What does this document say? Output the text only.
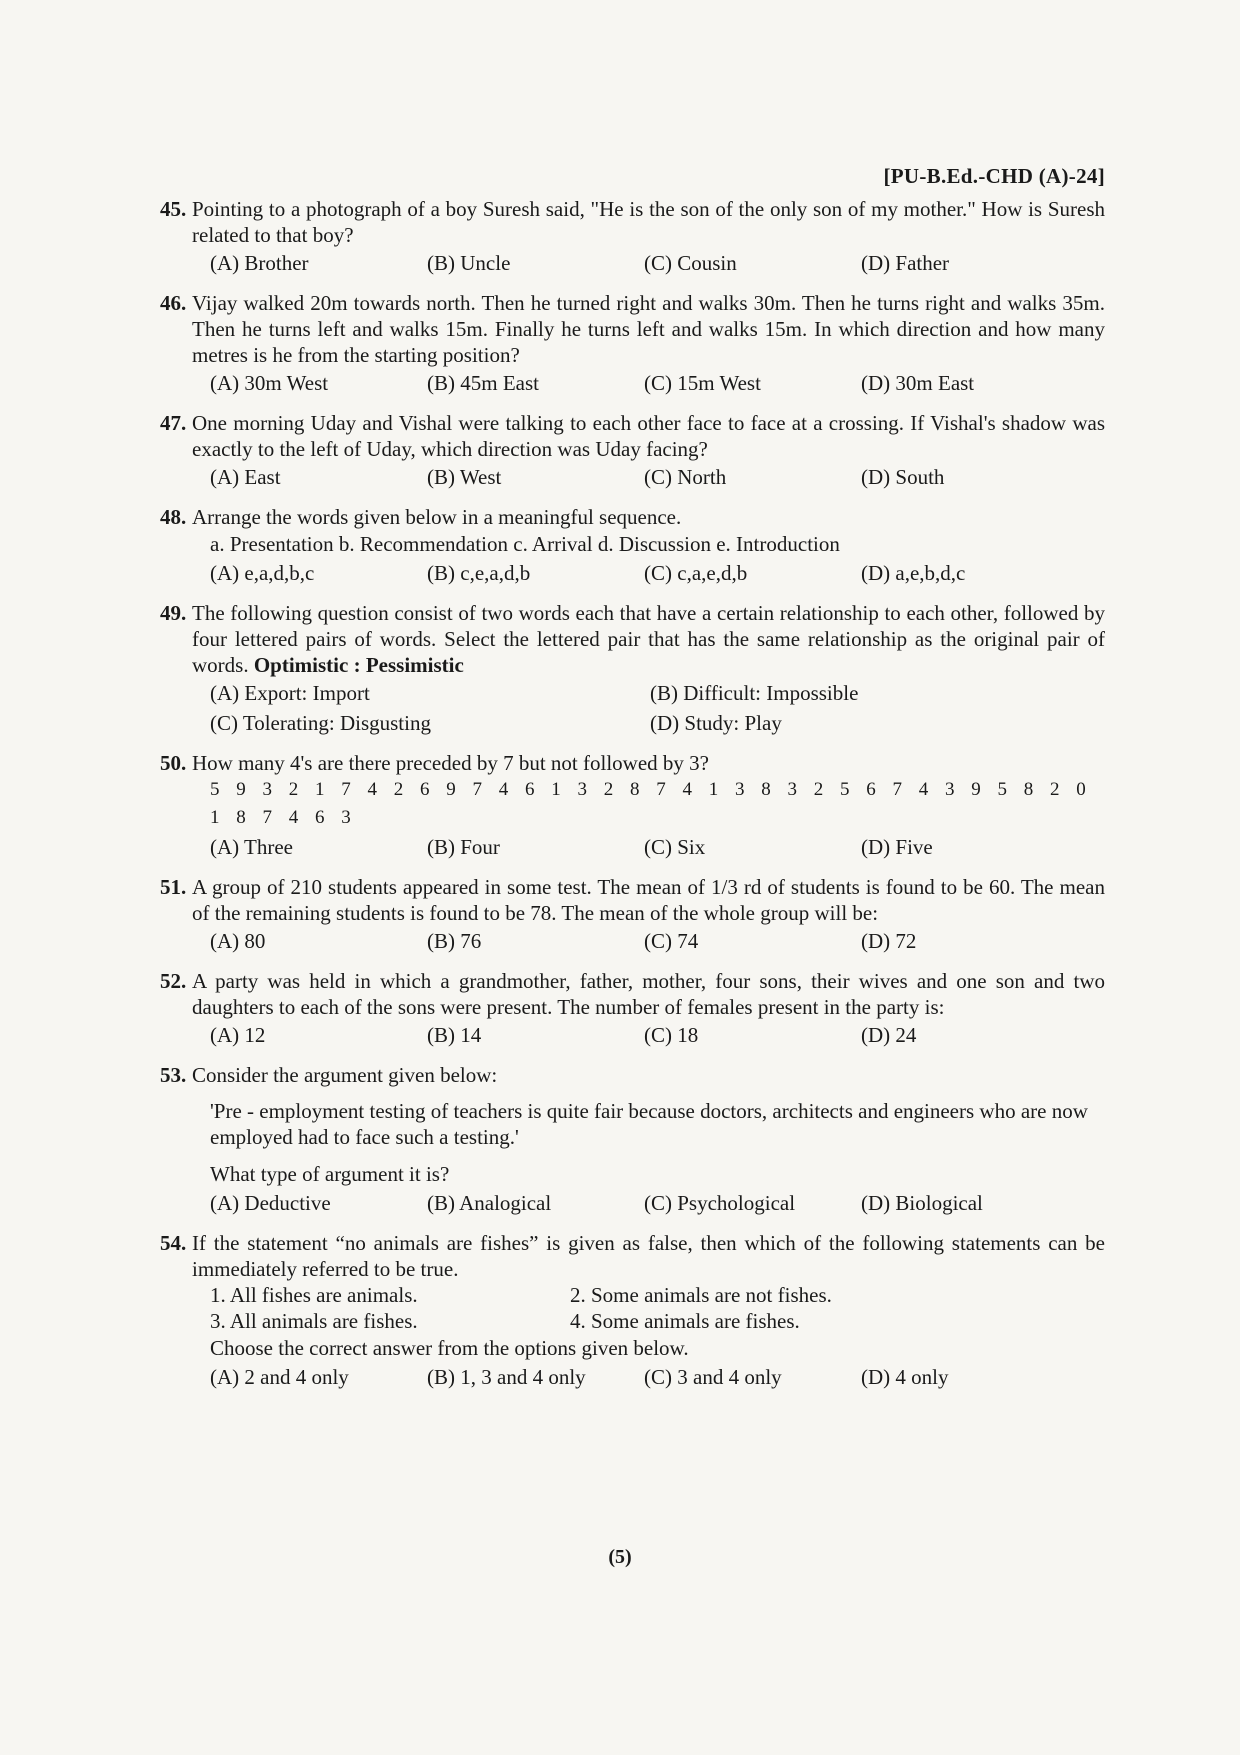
[PU-B.Ed.-CHD (A)-24]
45. Pointing to a photograph of a boy Suresh said, "He is the son of the only son of my mother." How is Suresh related to that boy?
(A) Brother	(B) Uncle	(C) Cousin	(D) Father
46. Vijay walked 20m towards north. Then he turned right and walks 30m. Then he turns right and walks 35m. Then he turns left and walks 15m. Finally he turns left and walks 15m. In which direction and how many metres is he from the starting position?
(A) 30m West	(B) 45m East	(C) 15m West	(D) 30m East
47. One morning Uday and Vishal were talking to each other face to face at a crossing. If Vishal's shadow was exactly to the left of Uday, which direction was Uday facing?
(A) East	(B) West	(C) North	(D) South
48. Arrange the words given below in a meaningful sequence.
a. Presentation b. Recommendation c. Arrival d. Discussion e. Introduction
(A) e,a,d,b,c	(B) c,e,a,d,b	(C) c,a,e,d,b	(D) a,e,b,d,c
49. The following question consist of two words each that have a certain relationship to each other, followed by four lettered pairs of words. Select the lettered pair that has the same relationship as the original pair of words. Optimistic : Pessimistic
(A) Export: Import	(B) Difficult: Impossible
(C) Tolerating: Disgusting	(D) Study: Play
50. How many 4's are there preceded by 7 but not followed by 3?
5 9 3 2 1 7 4 2 6 9 7 4 6 1 3 2 8 7 4 1 3 8 3 2 5 6 7 4 3 9 5 8 2 0 1 8 7 4 6 3
(A) Three	(B) Four	(C) Six	(D) Five
51. A group of 210 students appeared in some test. The mean of 1/3 rd of students is found to be 60. The mean of the remaining students is found to be 78. The mean of the whole group will be:
(A) 80	(B) 76	(C) 74	(D) 72
52. A party was held in which a grandmother, father, mother, four sons, their wives and one son and two daughters to each of the sons were present. The number of females present in the party is:
(A) 12	(B) 14	(C) 18	(D) 24
53. Consider the argument given below:
'Pre - employment testing of teachers is quite fair because doctors, architects and engineers who are now employed had to face such a testing.'
What type of argument it is?
(A) Deductive	(B) Analogical	(C) Psychological	(D) Biological
54. If the statement “no animals are fishes” is given as false, then which of the following statements can be immediately referred to be true.
1. All fishes are animals.	2. Some animals are not fishes.
3. All animals are fishes.	4. Some animals are fishes.
Choose the correct answer from the options given below.
(A) 2 and 4 only	(B) 1, 3 and 4 only	(C) 3 and 4 only	(D) 4 only
(5)
